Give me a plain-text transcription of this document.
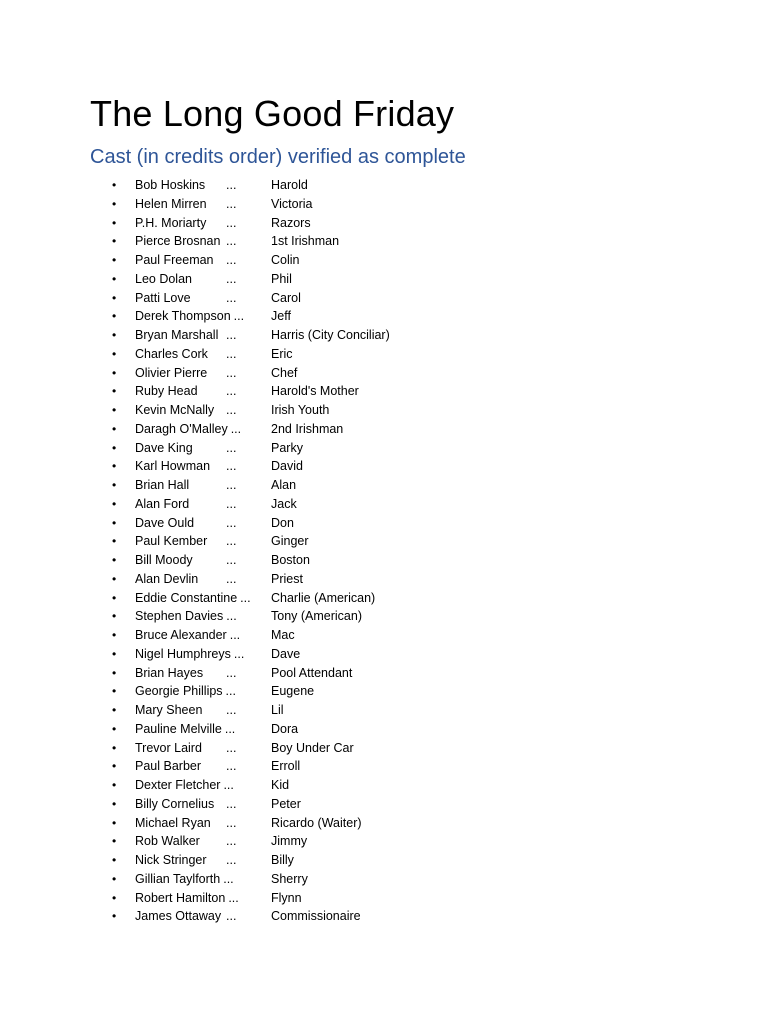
The Long Good Friday
Cast (in credits order) verified as complete
• Bob Hoskins ...	Harold
• Helen Mirren ...	Victoria
• P.H. Moriarty ...	Razors
• Pierce Brosnan ...	1st Irishman
• Paul Freeman ...	Colin
• Leo Dolan	...	Phil
• Patti Love	...	Carol
• Derek Thompson ... Jeff
• Bryan Marshall ...	Harris (City Conciliar)
• Charles Cork ...	Eric
• Olivier Pierre ...	Chef
• Ruby Head ...	Harold's Mother
• Kevin McNally ...	Irish Youth
• Daragh O'Malley ... 2nd Irishman
• Dave King	...	Parky
• Karl Howman ...	David
• Brian Hall	...	Alan
• Alan Ford	...	Jack
• Dave Ould	...	Don
• Paul Kember ...	Ginger
• Bill Moody	...	Boston
• Alan Devlin ...	Priest
• Eddie Constantine ... Charlie (American)
• Stephen Davies ...	Tony (American)
• Bruce Alexander ... Mac
• Nigel Humphreys ... Dave
• Brian Hayes ...	Pool Attendant
• Georgie Phillips ...	Eugene
• Mary Sheen ...	Lil
• Pauline Melville ...	Dora
• Trevor Laird ...	Boy Under Car
• Paul Barber ...	Erroll
• Dexter Fletcher ...	Kid
• Billy Cornelius ...	Peter
• Michael Ryan ...	Ricardo (Waiter)
• Rob Walker ...	Jimmy
• Nick Stringer ...	Billy
• Gillian Taylforth ...	Sherry
• Robert Hamilton ...	Flynn
• James Ottaway ...	Commissionaire
